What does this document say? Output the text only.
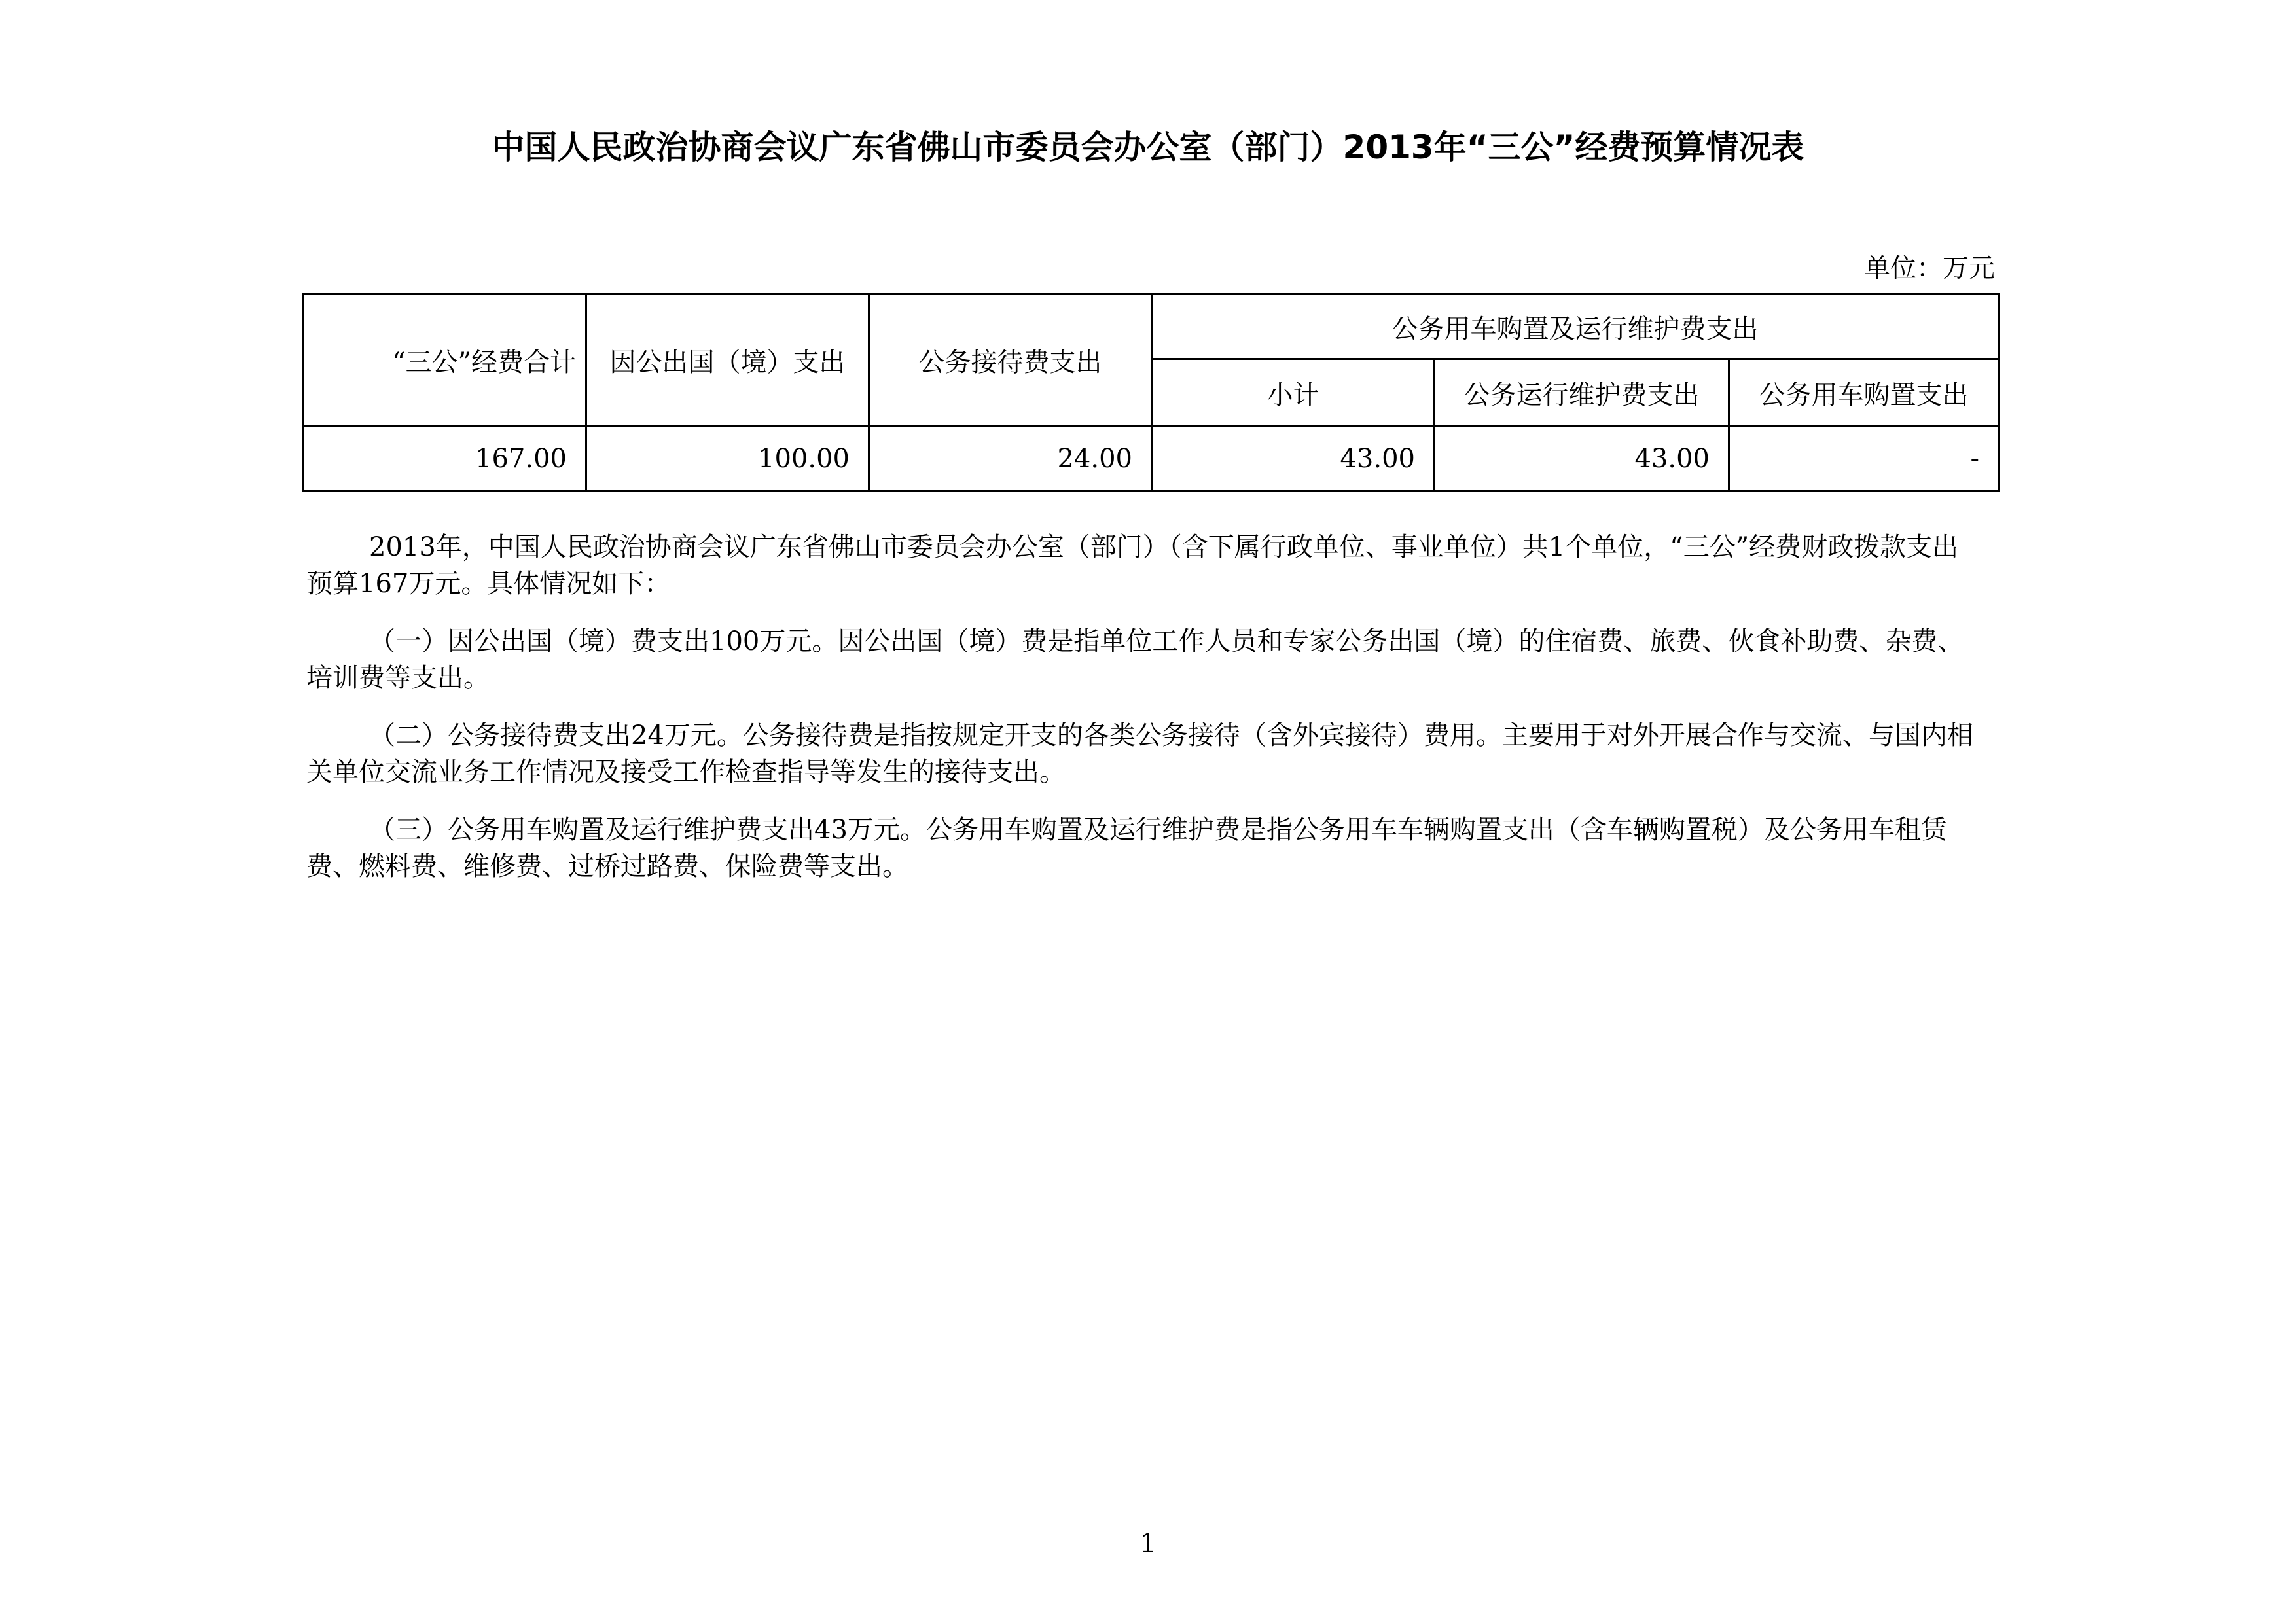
中国人民政治协商会议广东省佛山市委员会办公室（部门）2013年“三公”经费预算情况表
单位：万元
“三公”经费合计	因公出国（境）支出	公务接待费支出	公务用车购置及运行维护费支出		
			小计	公务运行维护费支出	公务用车购置支出
167.00	100.00	24.00	43.00	43.00	-

2013年，中国人民政治协商会议广东省佛山市委员会办公室（部门）（含下属行政单位、事业单位）共1个单位，“三公”经费财政拨款支出预算167万元。具体情况如下：

（一）因公出国（境）费支出100万元。因公出国（境）费是指单位工作人员和专家公务出国（境）的住宿费、旅费、伙食补助费、杂费、培训费等支出。

（二）公务接待费支出24万元。公务接待费是指按规定开支的各类公务接待（含外宾接待）费用。主要用于对外开展合作与交流、与国内相关单位交流业务工作情况及接受工作检查指导等发生的接待支出。

（三）公务用车购置及运行维护费支出43万元。公务用车购置及运行维护费是指公务用车车辆购置支出（含车辆购置税）及公务用车租赁费、燃料费、维修费、过桥过路费、保险费等支出。

1
